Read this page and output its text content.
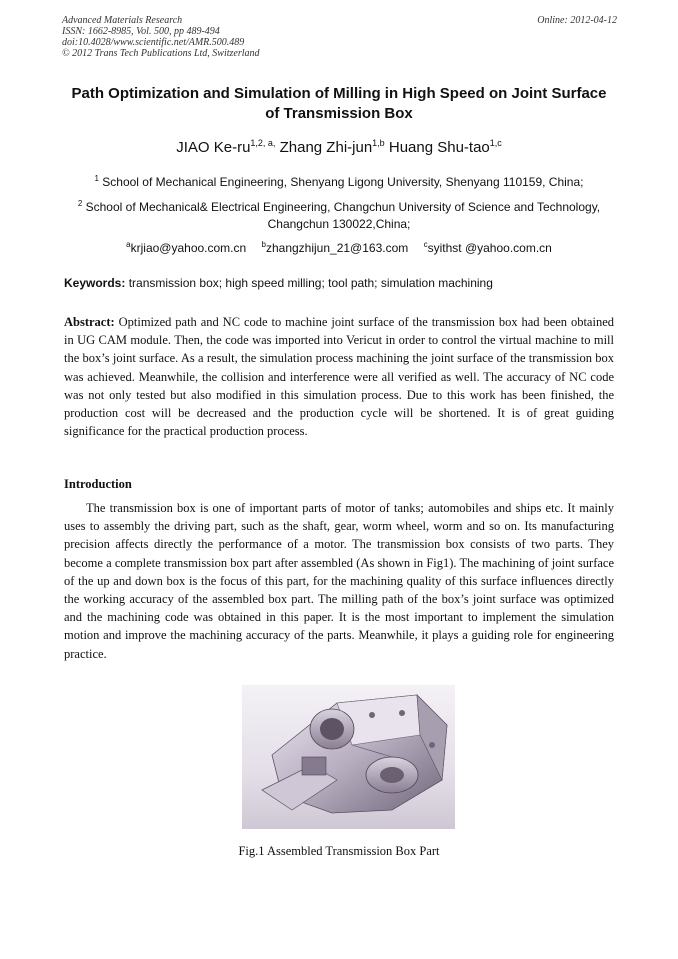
Advanced Materials Research
ISSN: 1662-8985, Vol. 500, pp 489-494
doi:10.4028/www.scientific.net/AMR.500.489
© 2012 Trans Tech Publications Ltd, Switzerland
Online: 2012-04-12
Path Optimization and Simulation of Milling in High Speed on Joint Surface of Transmission Box
JIAO $Ke-ru^{1,2, a,}$ Zhang Zhi-jun$^{1,b}$ Huang Shu-tao$^{1,c}$
$^1$ School of Mechanical Engineering, Shenyang Ligong University, Shenyang 110159, China;
$^2$ School of Mechanical& Electrical Engineering, Changchun University of Science and Technology, Changchun 130022,China;
$^a$krjiao@yahoo.com.cn $^b$zhangzhijun_21@163.com $^c$syithst @yahoo.com.cn
Keywords: transmission box; high speed milling; tool path; simulation machining
Abstract: Optimized path and NC code to machine joint surface of the transmission box had been obtained in UG CAM module. Then, the code was imported into Vericut in order to control the virtual machine to mill the box’s joint surface. As a result, the simulation process machining the joint surface of the transmission box was achieved. Meanwhile, the collision and interference were all verified as well. The accuracy of NC code was not only tested but also modified in this simulation process. Due to this work has been finished, the production cost will be decreased and the production cycle will be shortened. It is of great guiding significance for the practical production process.
Introduction
The transmission box is one of important parts of motor of tanks; automobiles and ships etc. It mainly uses to assembly the driving part, such as the shaft, gear, worm wheel, worm and so on. Its manufacturing precision affects directly the performance of a motor. The transmission box consists of two parts. They become a complete transmission box part after assembled (As shown in Fig1). The machining of joint surface of the up and down box is the focus of this part, for the machining quality of this surface influences directly the working accuracy of the assembled box part. The milling path of the box’s joint surface was optimized and the machining code was obtained in this paper. It is the most important to implement the simulation motion and improve the machining accuracy of the parts. Meanwhile, it plays a guiding role for engineering practice.
Fig.1 Assembled Transmission Box Part
